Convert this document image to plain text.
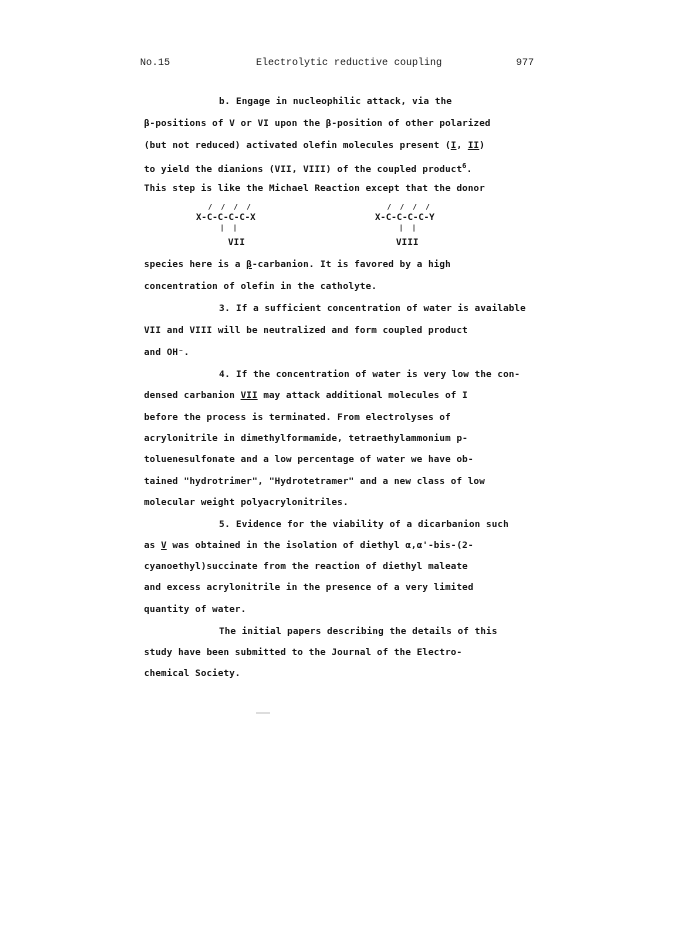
No.15	Electrolytic reductive coupling	977
b. Engage in nucleophilic attack, via the
β-positions of V or VI upon the β-position of other polarized
(but not reduced) activated olefin molecules present (I, II)
to yield the dianions (VII, VIII) of the coupled product$^6$.
This step is like the Michael Reaction except that the donor
/ / / /
X-C-C-C-C-X
| |
VII
/ / / /
X-C-C-C-C-Y
| |
VIII
species here is a β-carbanion. It is favored by a high
concentration of olefin in the catholyte.
3. If a sufficient concentration of water is available
VII and VIII will be neutralized and form coupled product
and OH⁻.
4. If the concentration of water is very low the con-
densed carbanion VII may attack additional molecules of I
before the process is terminated. From electrolyses of
acrylonitrile in dimethylformamide, tetraethylammonium p-
toluenesulfonate and a low percentage of water we have ob-
tained "hydrotrimer", "Hydrotetramer" and a new class of low
molecular weight polyacrylonitriles.
5. Evidence for the viability of a dicarbanion such
as V was obtained in the isolation of diethyl α,α'-bis-(2-
cyanoethyl)succinate from the reaction of diethyl maleate
and excess acrylonitrile in the presence of a very limited
quantity of water.
The initial papers describing the details of this
study have been submitted to the Journal of the Electro-
chemical Society.
